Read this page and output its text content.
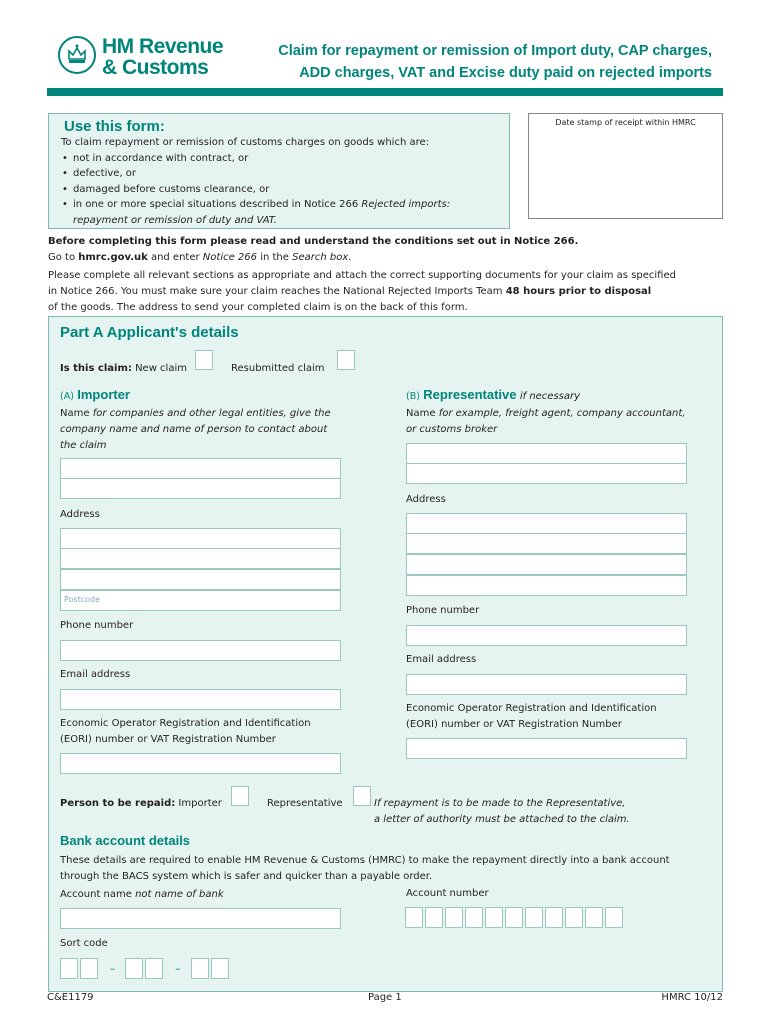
HM Revenue
& Customs
Claim for repayment or remission of Import duty, CAP charges,
ADD charges, VAT and Excise duty paid on rejected imports
Use this form:

To claim repayment or remission of customs charges on goods which are:

• not in accordance with contract, or
• defective, or
• damaged before customs clearance, or
• in one or more special situations described in Notice 266 Rejected imports:
repayment or remission of duty and VAT.
Date stamp of receipt within HMRC
Before completing this form please read and understand the conditions set out in Notice 266.
Go to hmrc.gov.uk and enter Notice 266 in the Search box.
Please complete all relevant sections as appropriate and attach the correct supporting documents for your claim as specified
in Notice 266. You must make sure your claim reaches the National Rejected Imports Team 48 hours prior to disposal
of the goods. The address to send your completed claim is on the back of this form.
Part A Applicant's details
Is this claim: New claim	Resubmitted claim
(A) Importer
Name for companies and other legal entities, give the
company name and name of person to contact about
the claim
Address
Postcode
Phone number
Email address
Economic Operator Registration and Identification
(EORI) number or VAT Registration Number
(B) Representative if necessary
Name for example, freight agent, company accountant,
or customs broker
Address
Phone number
Email address
Economic Operator Registration and Identification
(EORI) number or VAT Registration Number
Person to be repaid: Importer	Representative	If repayment is to be made to the Representative,
a letter of authority must be attached to the claim.
Bank account details
These details are required to enable HM Revenue & Customs (HMRC) to make the repayment directly into a bank account
through the BACS system which is safer and quicker than a payable order.
Account name not name of bank	Account number
Sort code
–	–
C&E1179	Page 1	HMRC 10/12
